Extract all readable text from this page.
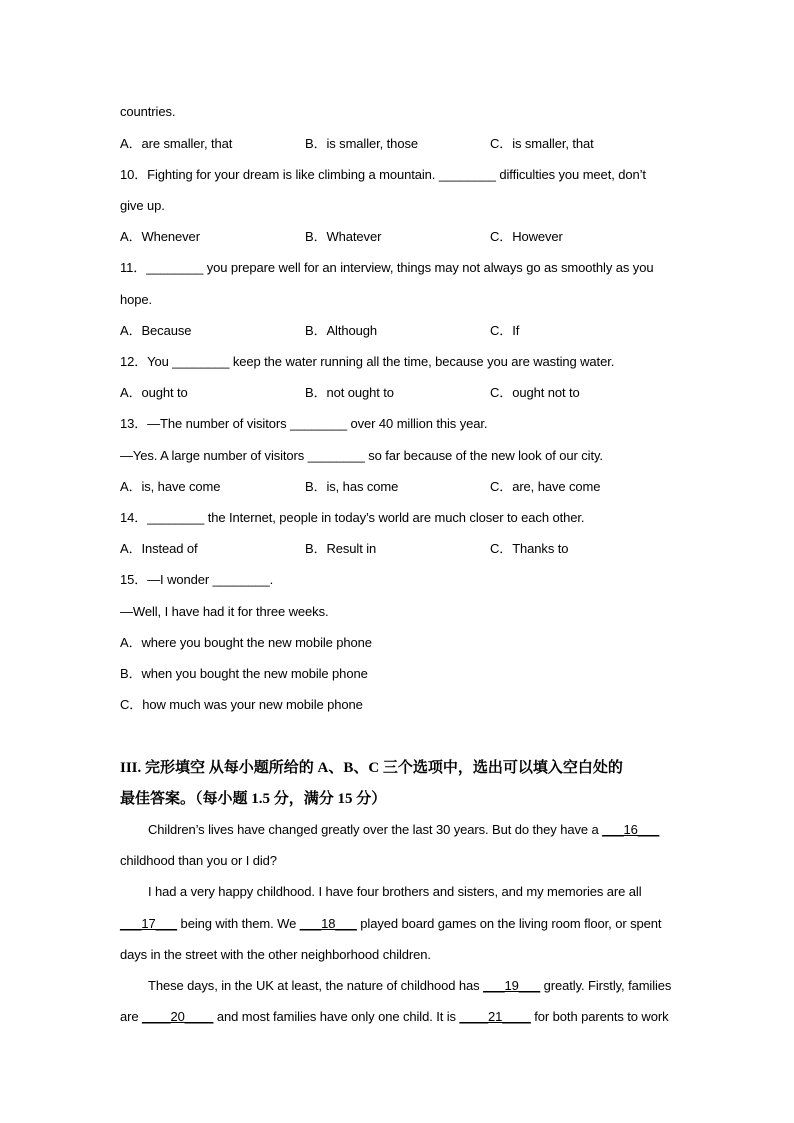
countries.
A．are smaller, that	B．is smaller, those	C．is smaller, that
10．Fighting for your dream is like climbing a mountain. ________ difficulties you meet, don’t
give up.
A．Whenever	B．Whatever	C．However
11．________ you prepare well for an interview, things may not always go as smoothly as you
hope.
A．Because	B．Although	C．If
12．You ________ keep the water running all the time, because you are wasting water.
A．ought to	B．not ought to	C．ought not to
13．—The number of visitors ________ over 40 million this year.
—Yes. A large number of visitors ________ so far because of the new look of our city.
A．is, have come	B．is, has come	C．are, have come
14．________ the Internet, people in today’s world are much closer to each other.
A．Instead of	B．Result in	C．Thanks to
15．—I wonder ________.
—Well, I have had it for three weeks.
A．where you bought the new mobile phone
B．when you bought the new mobile phone
C．how much was your new mobile phone
III. 完形填空 从每小题所给的 A、B、C 三个选项中，选出可以填入空白处的
最佳答案。（每小题 1.5 分，满分 15 分）
Children’s lives have changed greatly over the last 30 years. But do they have a ___16___
childhood than you or I did?
I had a very happy childhood. I have four brothers and sisters, and my memories are all
___17___ being with them. We ___18___ played board games on the living room floor, or spent
days in the street with the other neighborhood children.
These days, in the UK at least, the nature of childhood has ___19___ greatly. Firstly, families
are ____20____ and most families have only one child. It is ____21____ for both parents to work
